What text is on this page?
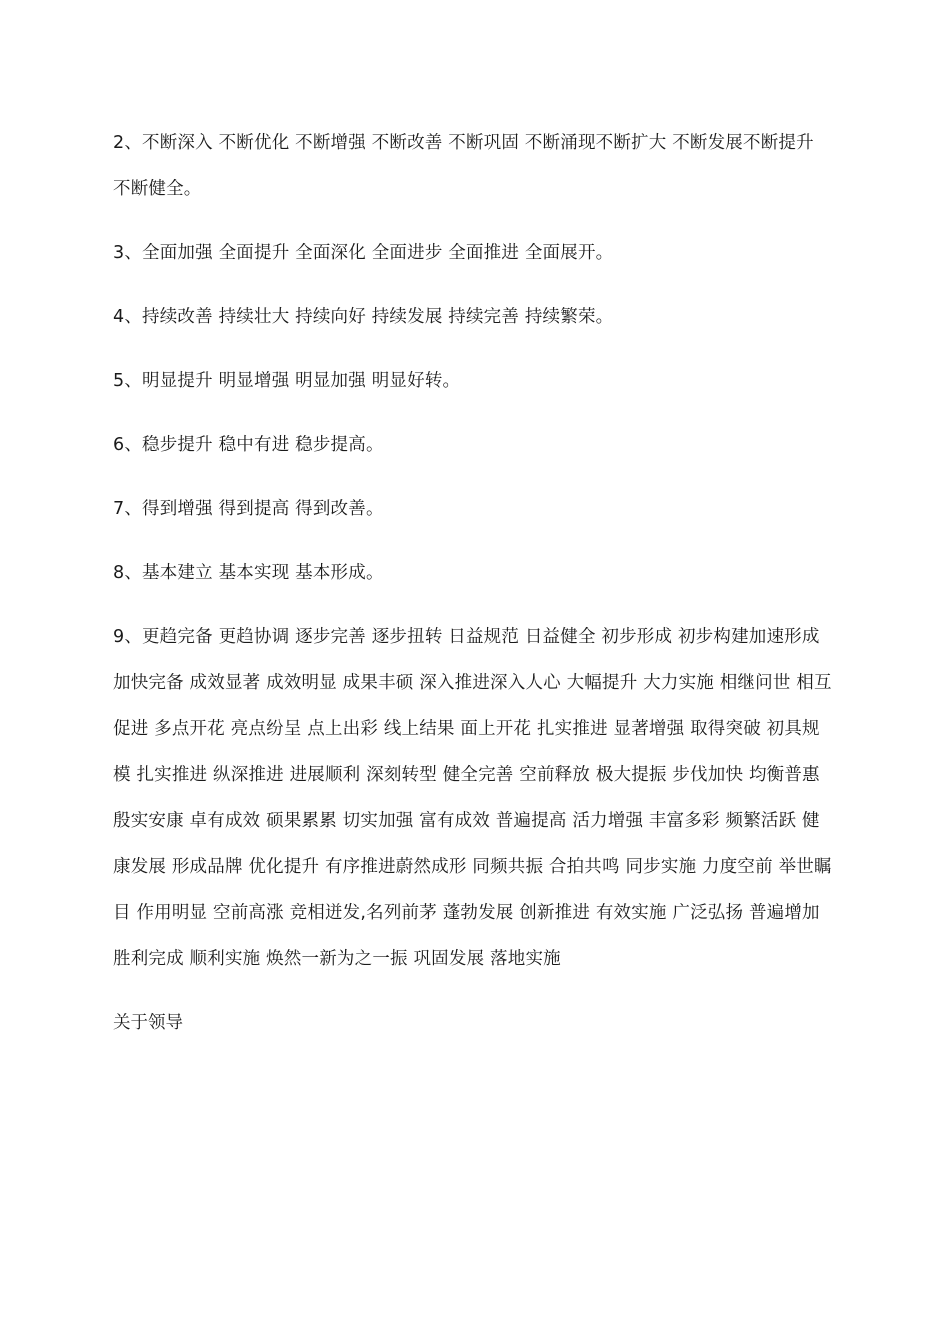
2、不断深入 不断优化 不断增强 不断改善 不断巩固 不断涌现不断扩大 不断发展不断提升 不断健全。

3、全面加强 全面提升 全面深化 全面进步 全面推进 全面展开。

4、持续改善 持续壮大 持续向好 持续发展 持续完善 持续繁荣。

5、明显提升 明显增强 明显加强 明显好转。

6、稳步提升 稳中有进 稳步提高。

7、得到增强 得到提高 得到改善。

8、基本建立 基本实现 基本形成。

9、更趋完备 更趋协调 逐步完善 逐步扭转 日益规范 日益健全 初步形成 初步构建加速形成 加快完备 成效显著 成效明显 成果丰硕 深入推进深入人心 大幅提升 大力实施 相继问世 相互促进 多点开花 亮点纷呈 点上出彩 线上结果 面上开花 扎实推进 显著增强 取得突破 初具规模 扎实推进 纵深推进 进展顺利 深刻转型 健全完善 空前释放 极大提振 步伐加快 均衡普惠 殷实安康 卓有成效 硕果累累 切实加强 富有成效 普遍提高 活力增强 丰富多彩 频繁活跃 健康发展 形成品牌 优化提升 有序推进蔚然成形 同频共振 合拍共鸣 同步实施 力度空前 举世瞩目 作用明显 空前高涨 竞相迸发,名列前茅 蓬勃发展 创新推进 有效实施 广泛弘扬 普遍增加 胜利完成 顺利实施 焕然一新为之一振 巩固发展 落地实施

关于领导
